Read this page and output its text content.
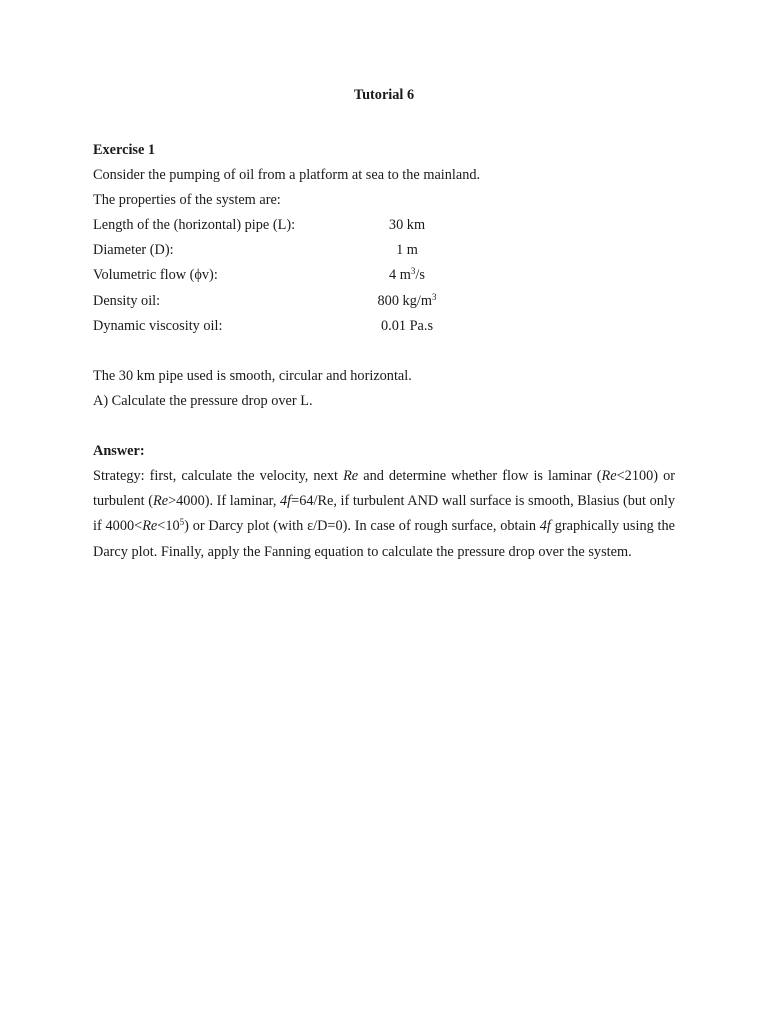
Tutorial 6
Exercise 1
Consider the pumping of oil from a platform at sea to the mainland.
The properties of the system are:
Length of the (horizontal) pipe (L):	30 km
Diameter (D):	1 m
Volumetric flow (ϕv):	4 $m^3/s$
Density oil:	800 $kg/m^3$
Dynamic viscosity oil:	0.01 Pa.s
The 30 km pipe used is smooth, circular and horizontal.
A) Calculate the pressure drop over L.
Answer:
Strategy: first, calculate the velocity, next Re and determine whether flow is laminar (Re<2100) or turbulent (Re>4000). If laminar, 4f=64/Re, if turbulent AND wall surface is smooth, Blasius (but only if $4000<Re<10^5$) or Darcy plot (with ε/D=0). In case of rough surface, obtain 4f graphically using the Darcy plot. Finally, apply the Fanning equation to calculate the pressure drop over the system.
